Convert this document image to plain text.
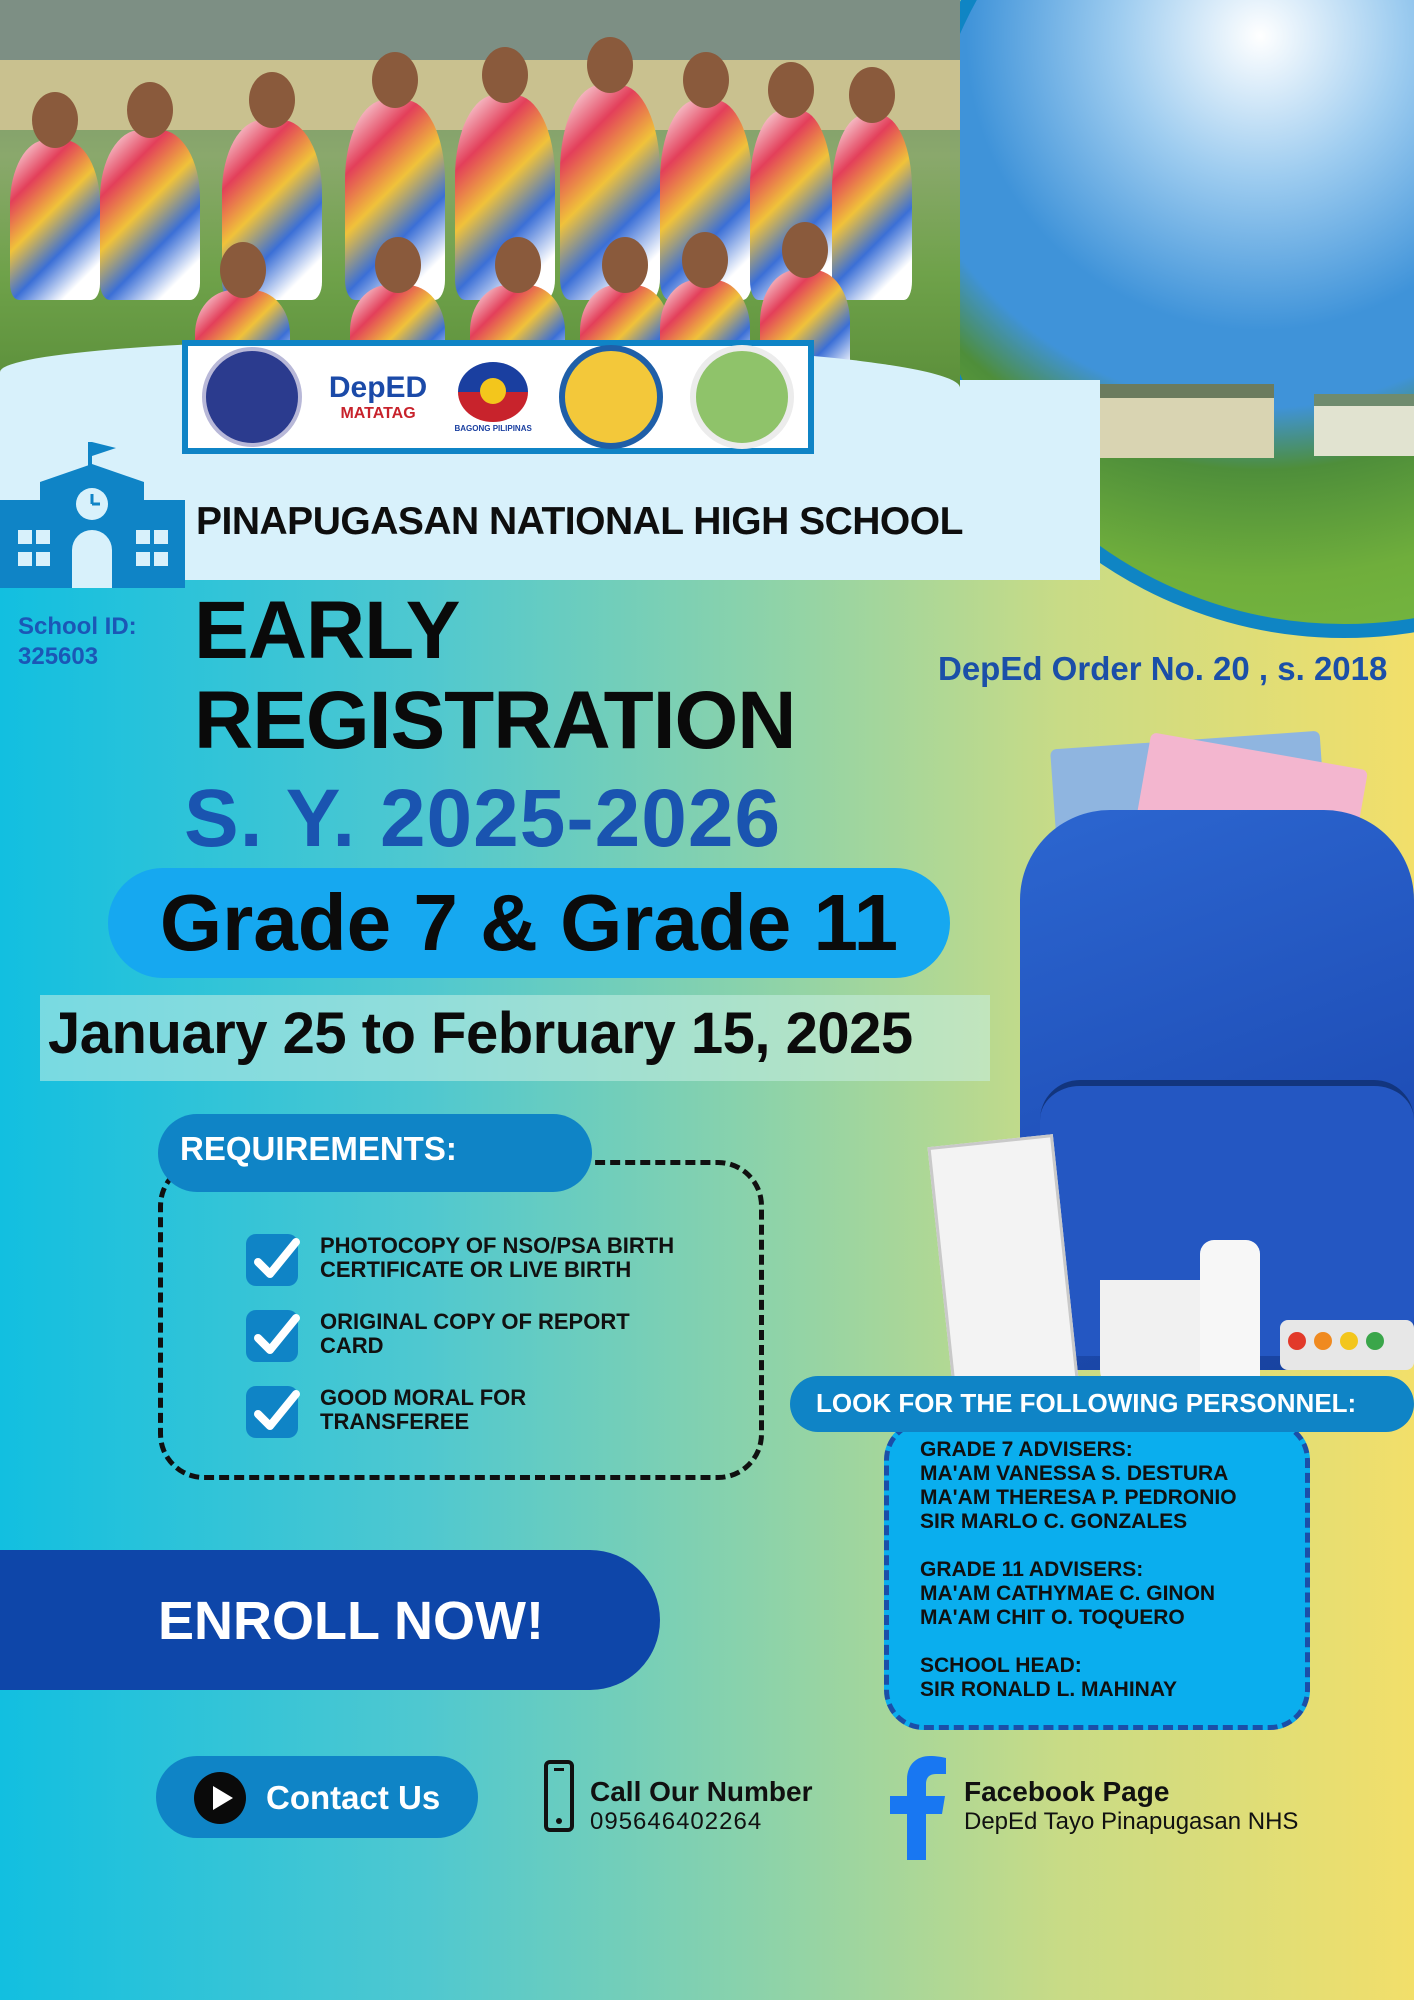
DepED
MATATAG
BAGONG PILIPINAS
PINAPUGASAN NATIONAL HIGH SCHOOL
School ID:
325603	EARLY
REGISTRATION
DepEd Order No. 20 , s. 2018
S. Y. 2025-2026
Grade 7 & Grade 11
January 25 to February 15, 2025
REQUIREMENTS:
PHOTOCOPY OF NSO/PSA BIRTH
CERTIFICATE OR LIVE BIRTH
ORIGINAL COPY OF REPORT
CARD
GOOD MORAL FOR
TRANSFEREE
ENROLL NOW!
LOOK FOR THE FOLLOWING PERSONNEL:
GRADE 7 ADVISERS:
MA'AM VANESSA S. DESTURA
MA'AM THERESA P. PEDRONIO
SIR MARLO C. GONZALES
GRADE 11 ADVISERS:
MA'AM CATHYMAE C. GINON
MA'AM CHIT O. TOQUERO
SCHOOL HEAD:
SIR RONALD L. MAHINAY
Contact Us	Call Our Number
095646402264
Facebook Page
DepEd Tayo Pinapugasan NHS
